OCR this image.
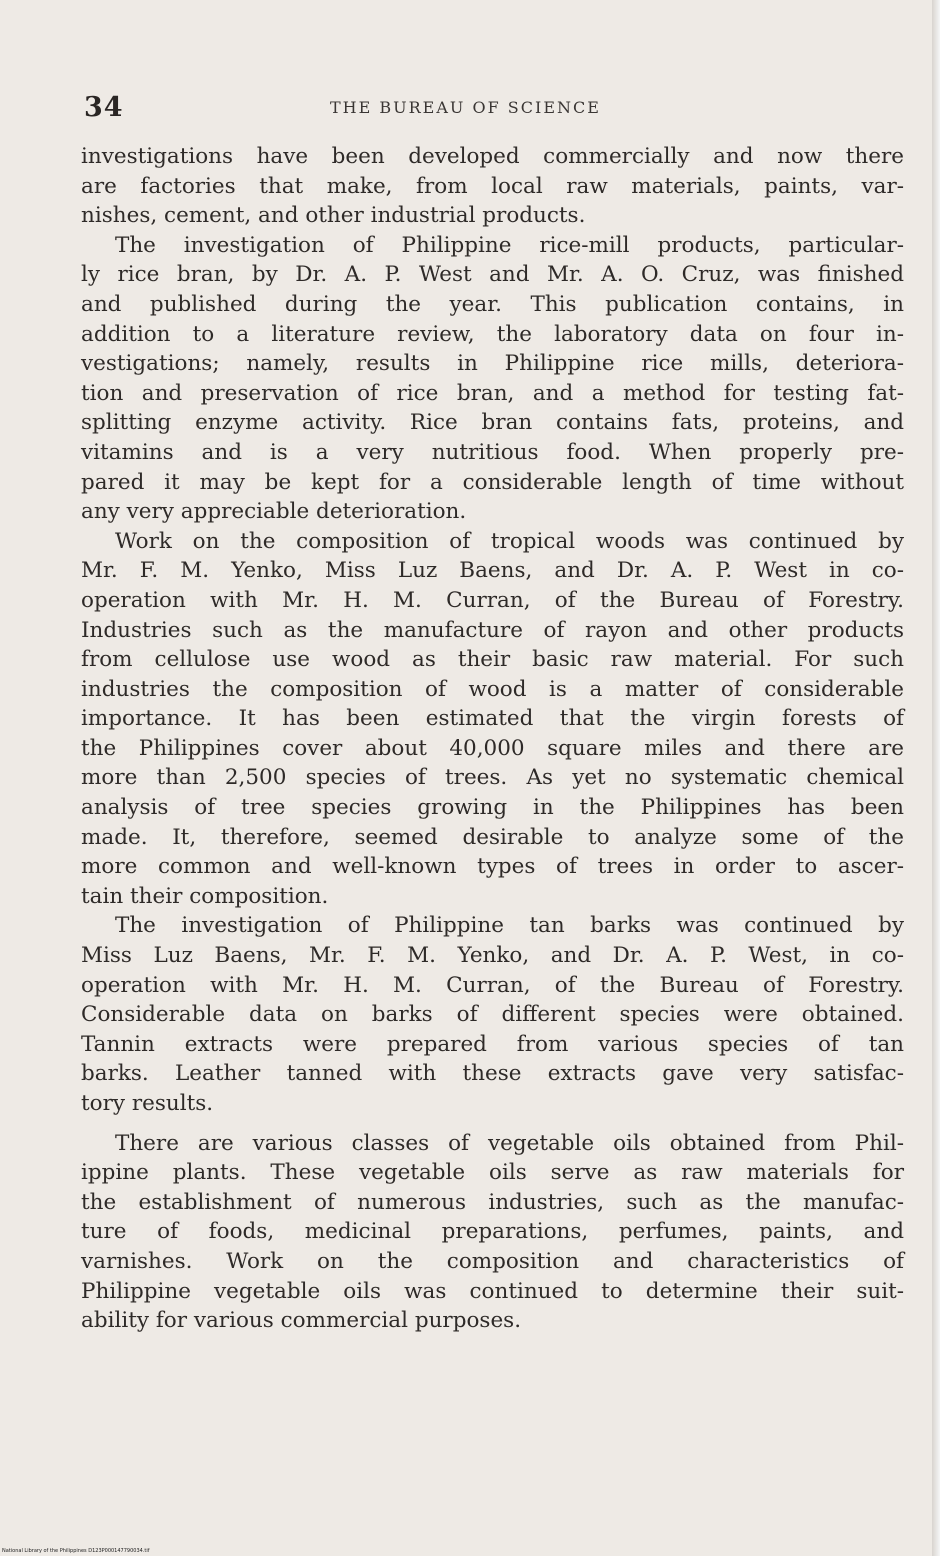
34	THE BUREAU OF SCIENCE

investigations have been developed commercially and now there
are factories that make, from local raw materials, paints, var-
nishes, cement, and other industrial products.

The investigation of Philippine rice-mill products, particular-
ly rice bran, by Dr. A. P. West and Mr. A. O. Cruz, was finished
and published during the year. This publication contains, in
addition to a literature review, the laboratory data on four in-
vestigations; namely, results in Philippine rice mills, deteriora-
tion and preservation of rice bran, and a method for testing fat-
splitting enzyme activity. Rice bran contains fats, proteins, and
vitamins and is a very nutritious food. When properly pre-
pared it may be kept for a considerable length of time without
any very appreciable deterioration.

Work on the composition of tropical woods was continued by
Mr. F. M. Yenko, Miss Luz Baens, and Dr. A. P. West in co-
operation with Mr. H. M. Curran, of the Bureau of Forestry.
Industries such as the manufacture of rayon and other products
from cellulose use wood as their basic raw material. For such
industries the composition of wood is a matter of considerable
importance. It has been estimated that the virgin forests of
the Philippines cover about 40,000 square miles and there are
more than 2,500 species of trees. As yet no systematic chemical
analysis of tree species growing in the Philippines has been
made. It, therefore, seemed desirable to analyze some of the
more common and well-known types of trees in order to ascer-
tain their composition.

The investigation of Philippine tan barks was continued by
Miss Luz Baens, Mr. F. M. Yenko, and Dr. A. P. West, in co-
operation with Mr. H. M. Curran, of the Bureau of Forestry.
Considerable data on barks of different species were obtained.
Tannin extracts were prepared from various species of tan
barks. Leather tanned with these extracts gave very satisfac-
tory results.

There are various classes of vegetable oils obtained from Phil-
ippine plants. These vegetable oils serve as raw materials for
the establishment of numerous industries, such as the manufac-
ture of foods, medicinal preparations, perfumes, paints, and
varnishes. Work on the composition and characteristics of
Philippine vegetable oils was continued to determine their suit-
ability for various commercial purposes.

National Library of the Philippines D123P000147790034.tif
